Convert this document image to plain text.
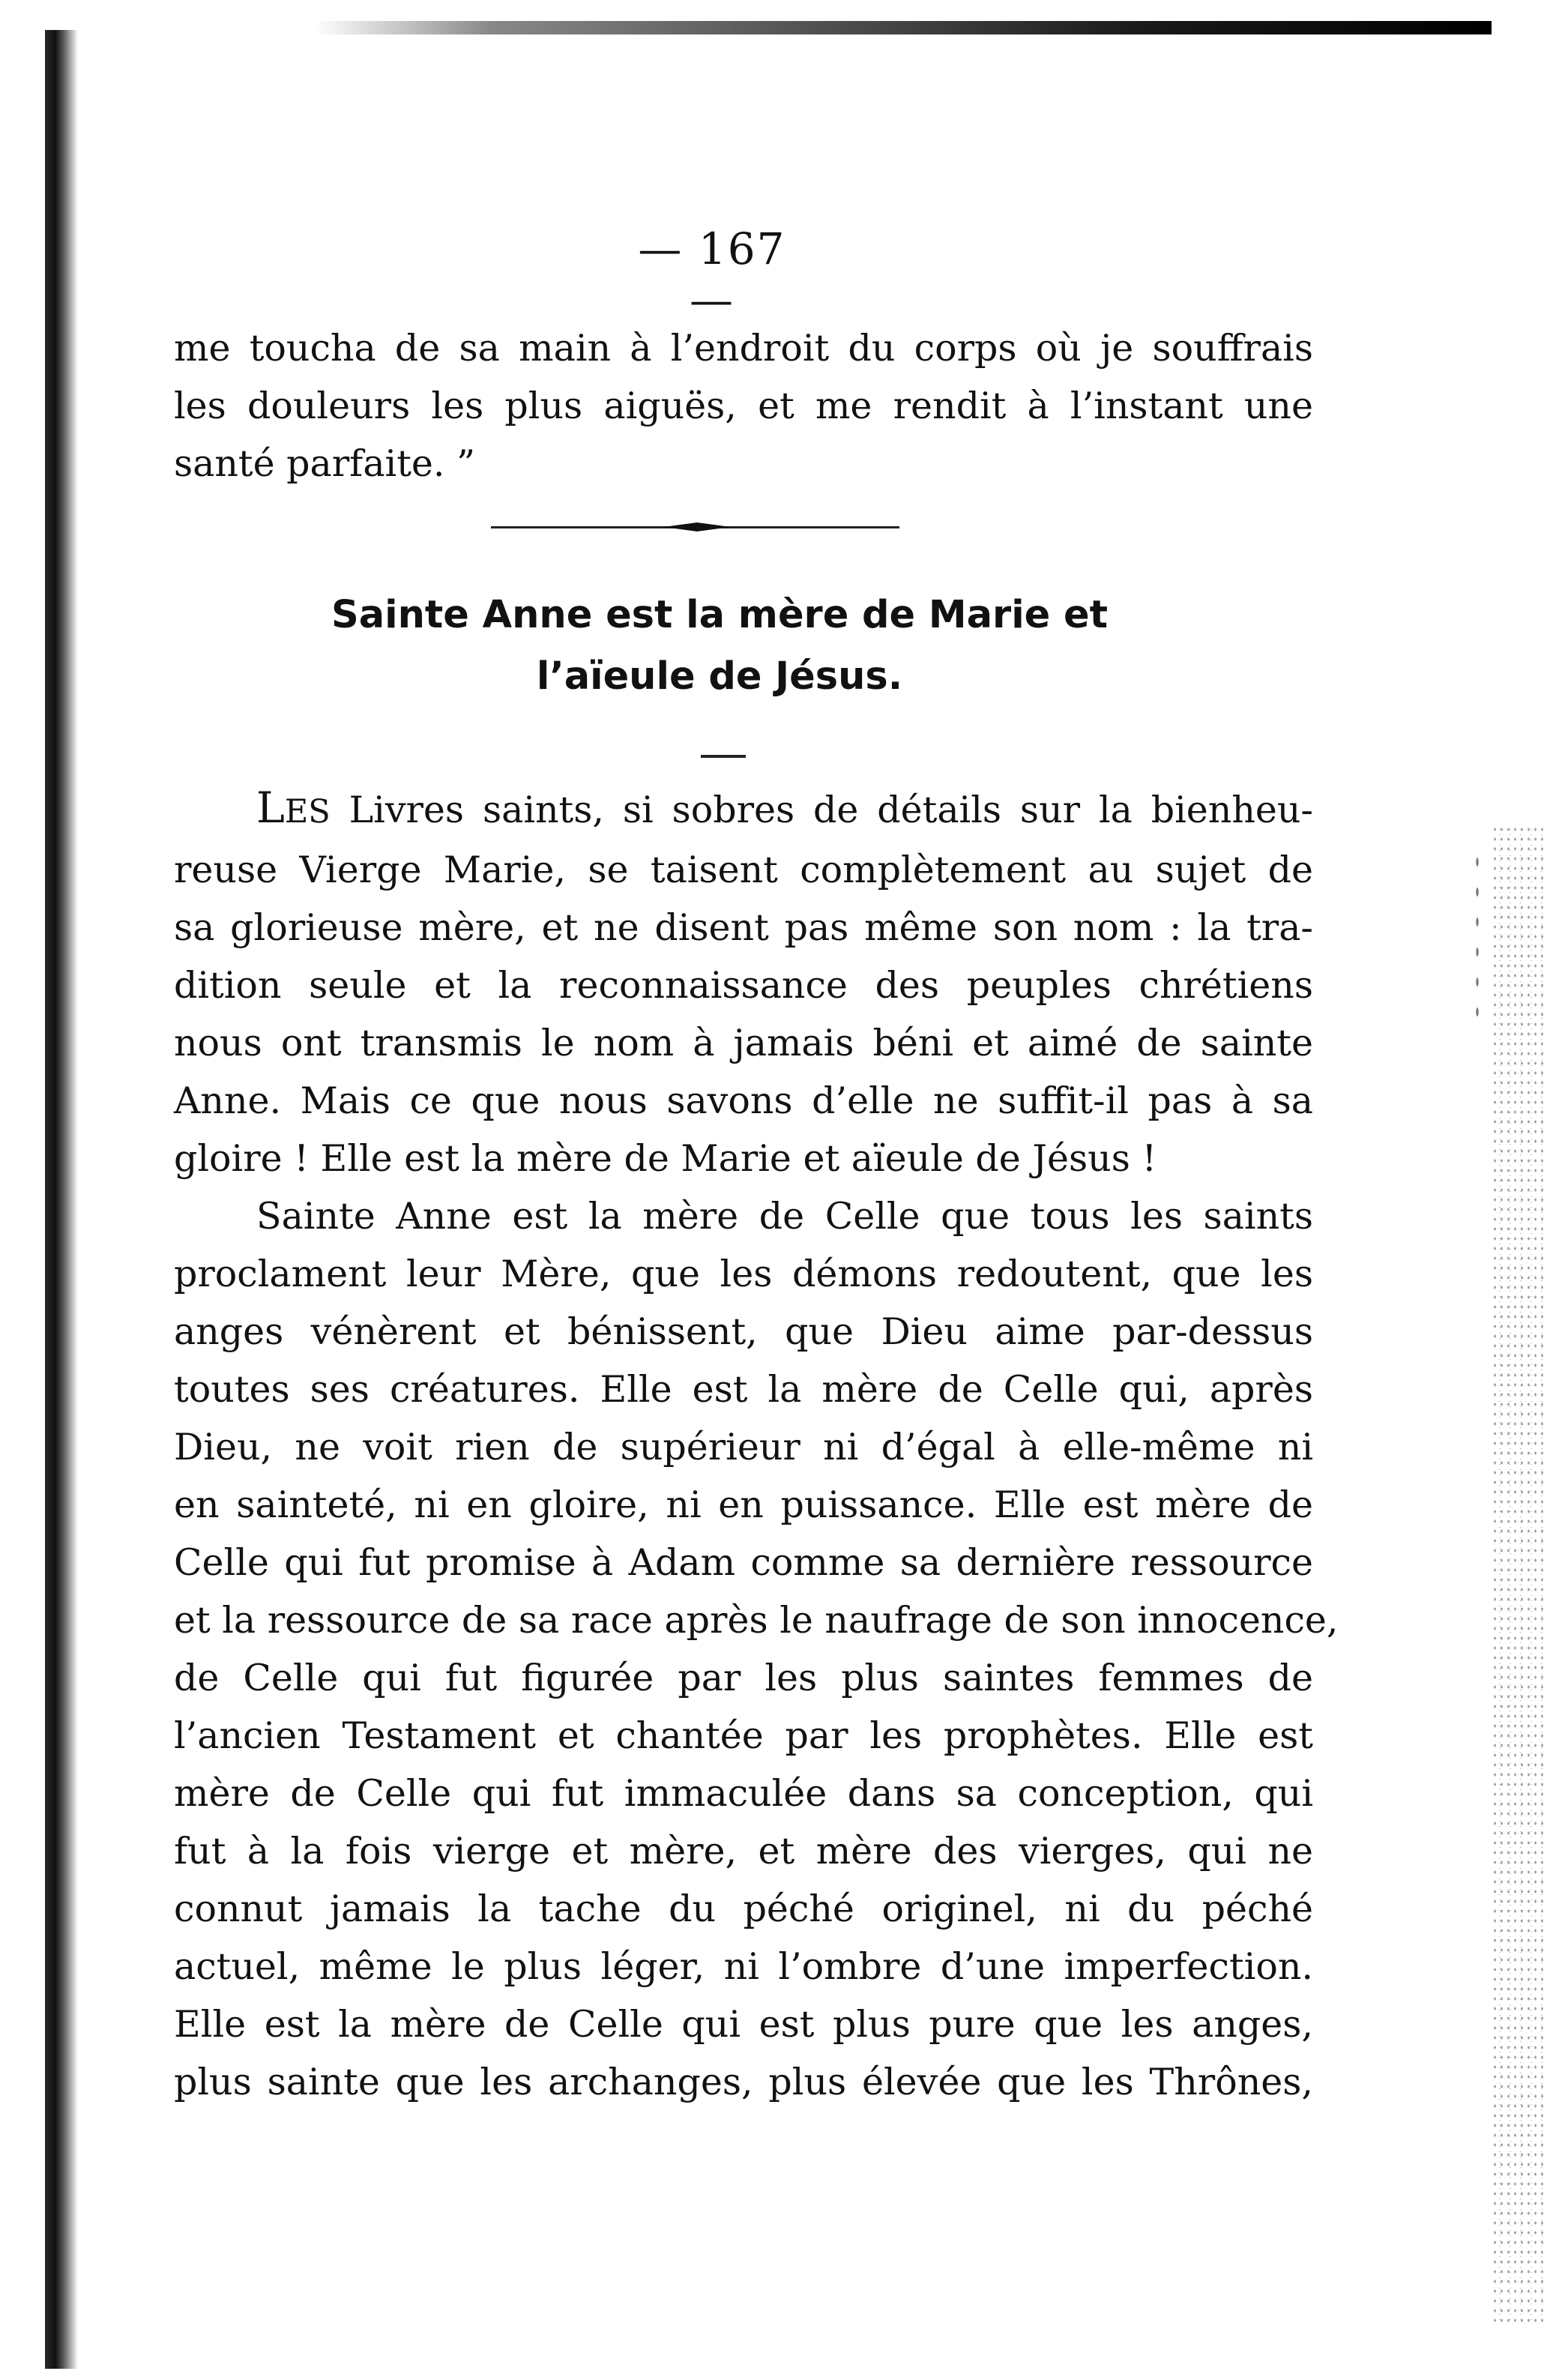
— 167 —
me toucha de sa main à l’endroit du corps où je souffrais
les douleurs les plus aiguës, et me rendit à l’instant une
santé parfaite. ”
Sainte Anne est la mère de Marie et
l’aïeule de Jésus.
LES Livres saints, si sobres de détails sur la bienheu-
reuse Vierge Marie, se taisent complètement au sujet de
sa glorieuse mère, et ne disent pas même son nom : la tra-
dition seule et la reconnaissance des peuples chrétiens
nous ont transmis le nom à jamais béni et aimé de sainte
Anne. Mais ce que nous savons d’elle ne suffit-il pas à sa
gloire ! Elle est la mère de Marie et aïeule de Jésus !
Sainte Anne est la mère de Celle que tous les saints
proclament leur Mère, que les démons redoutent, que les
anges vénèrent et bénissent, que Dieu aime par-dessus
toutes ses créatures. Elle est la mère de Celle qui, après
Dieu, ne voit rien de supérieur ni d’égal à elle-même ni
en sainteté, ni en gloire, ni en puissance. Elle est mère de
Celle qui fut promise à Adam comme sa dernière ressource
et la ressource de sa race après le naufrage de son innocence,
de Celle qui fut figurée par les plus saintes femmes de
l’ancien Testament et chantée par les prophètes. Elle est
mère de Celle qui fut immaculée dans sa conception, qui
fut à la fois vierge et mère, et mère des vierges, qui ne
connut jamais la tache du péché originel, ni du péché
actuel, même le plus léger, ni l’ombre d’une imperfection.
Elle est la mère de Celle qui est plus pure que les anges,
plus sainte que les archanges, plus élevée que les Thrônes,
